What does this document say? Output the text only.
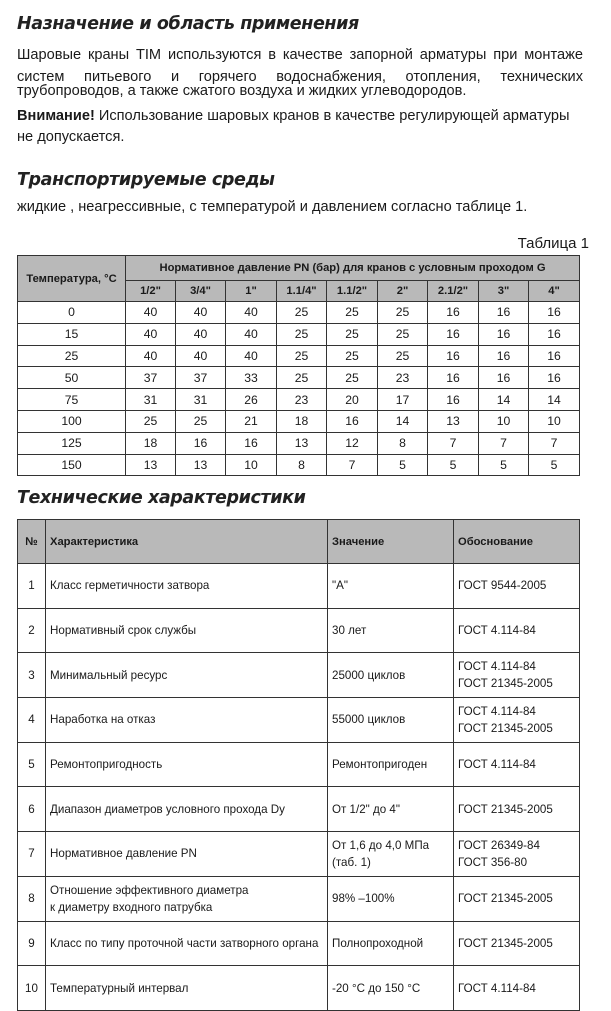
Назначение и область применения

Шаровые краны TIM используются в качестве запорной арматуры при монтаже систем питьевого и горячего водоснабжения, отопления, технических

трубопроводов, а также сжатого воздуха и жидких углеводородов.

Внимание! Использование шаровых кранов в качестве регулирующей арматуры

не допускается.

Транспортируемые среды

жидкие , неагрессивные, с температурой и давлением согласно таблице 1.

Таблица 1
Температура, °С	Нормативное давление PN (бар) для кранов с условным проходом G								
	1/2"	3/4"	1"	1.1/4"	1.1/2"	2"	2.1/2"	3"	4"
0	40	40	40	25	25	25	16	16	16
15	40	40	40	25	25	25	16	16	16
25	40	40	40	25	25	25	16	16	16
50	37	37	33	25	25	23	16	16	16
75	31	31	26	23	20	17	16	14	14
100	25	25	21	18	16	14	13	10	10
125	18	16	16	13	12	8	7	7	7
150	13	13	10	8	7	5	5	5	5
Технические характеристики
№	Характеристика	Значение	Обоснование

1	Класс герметичности затвора	"А"	ГОСТ 9544-2005

2	Нормативный срок службы	30 лет	ГОСТ 4.114-84

3	Минимальный ресурс	25000 циклов	ГОСТ 4.114-84
ГОСТ 21345-2005

4	Наработка на отказ	55000 циклов	ГОСТ 4.114-84
ГОСТ 21345-2005

5	Ремонтопригодность	Ремонтопригоден	ГОСТ 4.114-84

6	Диапазон диаметров условного прохода Dy	От 1/2" до 4"	ГОСТ 21345-2005

7	Нормативное давление PN	От 1,6 до 4,0 МПа
(таб. 1)	ГОСТ 26349-84
ГОСТ 356-80

8	Отношение эффективного диаметра
к диаметру входного патрубка	98% –100%	ГОСТ 21345-2005

9	Класс по типу проточной части затворного органа	Полнопроходной	ГОСТ 21345-2005

10	Температурный интервал	-20 °С до 150 °С	ГОСТ 4.114-84
